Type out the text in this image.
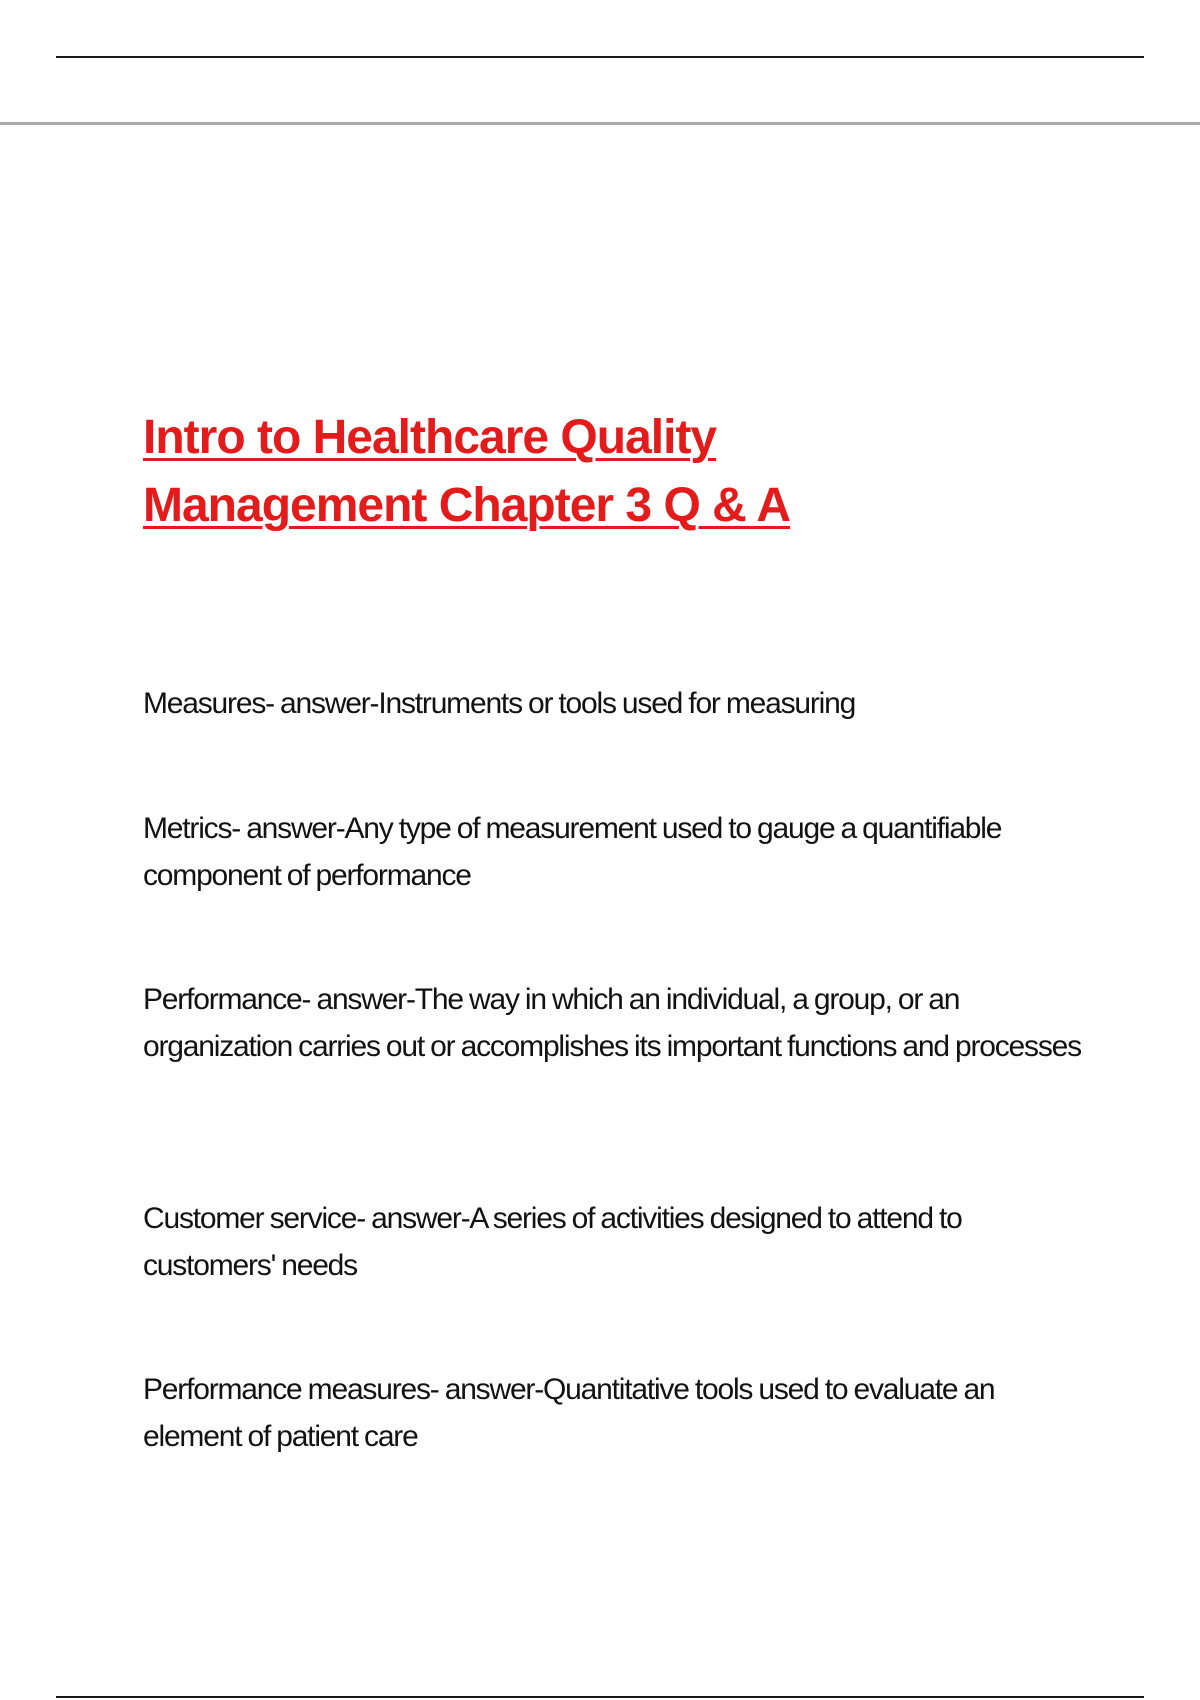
Intro to Healthcare Quality
Management Chapter 3 Q & A
Measures- answer-Instruments or tools used for measuring
Metrics- answer-Any type of measurement used to gauge a quantifiable component of performance
Performance- answer-The way in which an individual, a group, or an organization carries out or accomplishes its important functions and processes
Customer service- answer-A series of activities designed to attend to customers' needs
Performance measures- answer-Quantitative tools used to evaluate an element of patient care
